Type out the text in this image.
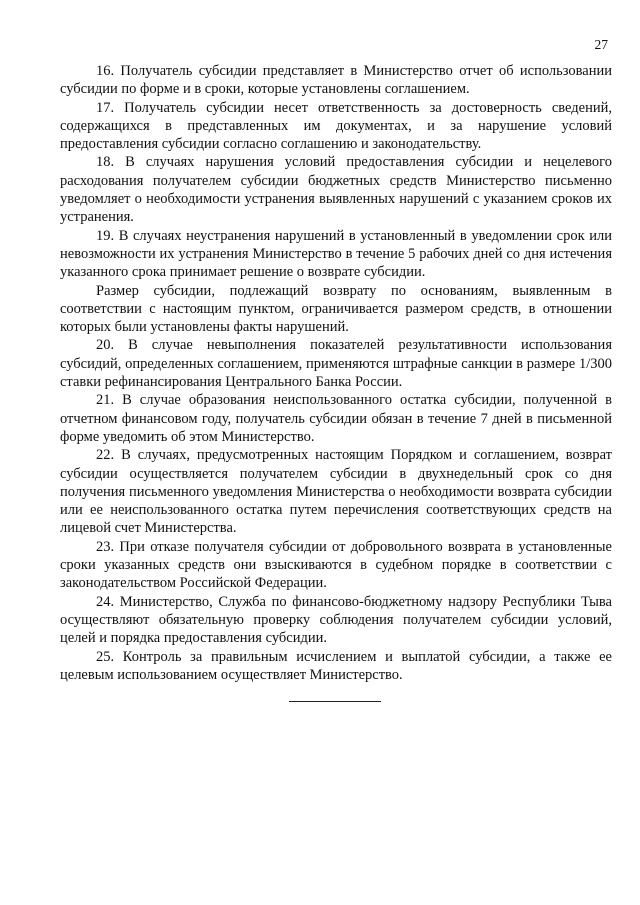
27

16. Получатель субсидии представляет в Министерство отчет об использовании субсидии по форме и в сроки, которые установлены соглашением.

17. Получатель субсидии несет ответственность за достоверность сведений, содержащихся в представленных им документах, и за нарушение условий предоставления субсидии согласно соглашению и законодательству.

18. В случаях нарушения условий предоставления субсидии и нецелевого расходования получателем субсидии бюджетных средств Министерство письменно уведомляет о необходимости устранения выявленных нарушений с указанием сроков их устранения.

19. В случаях неустранения нарушений в установленный в уведомлении срок или невозможности их устранения Министерство в течение 5 рабочих дней со дня истечения указанного срока принимает решение о возврате субсидии.

Размер субсидии, подлежащий возврату по основаниям, выявленным в соответствии с настоящим пунктом, ограничивается размером средств, в отношении которых были установлены факты нарушений.

20. В случае невыполнения показателей результативности использования субсидий, определенных соглашением, применяются штрафные санкции в размере 1/300 ставки рефинансирования Центрального Банка России.

21. В случае образования неиспользованного остатка субсидии, полученной в отчетном финансовом году, получатель субсидии обязан в течение 7 дней в письменной форме уведомить об этом Министерство.

22. В случаях, предусмотренных настоящим Порядком и соглашением, возврат субсидии осуществляется получателем субсидии в двухнедельный срок со дня получения письменного уведомления Министерства о необходимости возврата субсидии или ее неиспользованного остатка путем перечисления соответствующих средств на лицевой счет Министерства.

23. При отказе получателя субсидии от добровольного возврата в установленные сроки указанных средств они взыскиваются в судебном порядке в соответствии с законодательством Российской Федерации.

24. Министерство, Служба по финансово-бюджетному надзору Республики Тыва осуществляют обязательную проверку соблюдения получателем субсидии условий, целей и порядка предоставления субсидии.

25. Контроль за правильным исчислением и выплатой субсидии, а также ее целевым использованием осуществляет Министерство.
